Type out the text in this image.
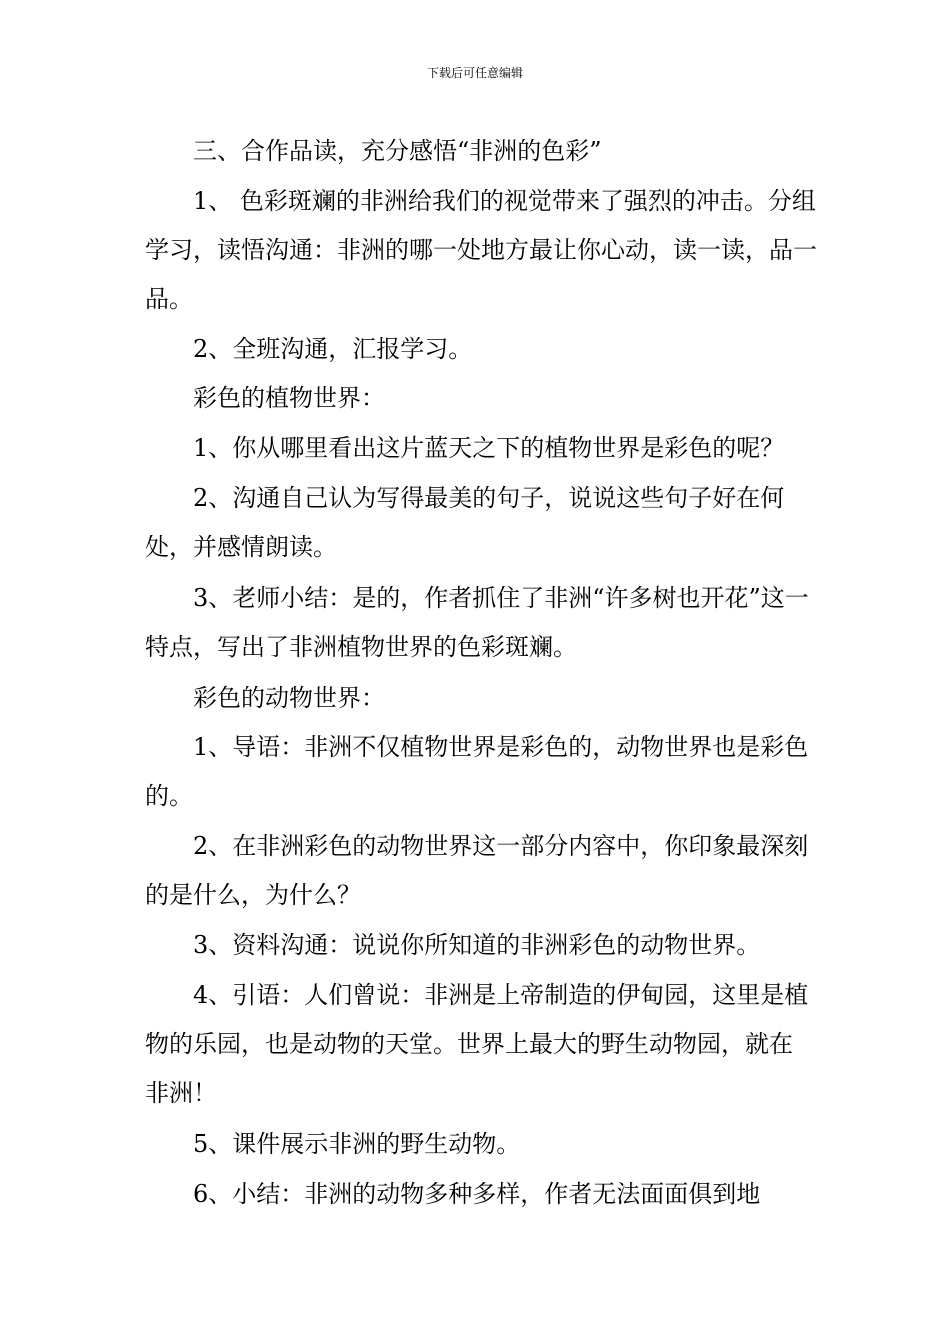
下载后可任意编辑

三、合作品读，充分感悟“非洲的色彩”

1、 色彩斑斓的非洲给我们的视觉带来了强烈的冲击。分组学习，读悟沟通：非洲的哪一处地方最让你心动，读一读，品一品。

2、全班沟通，汇报学习。

彩色的植物世界：

1、你从哪里看出这片蓝天之下的植物世界是彩色的呢？

2、沟通自己认为写得最美的句子，说说这些句子好在何处，并感情朗读。

3、老师小结：是的，作者抓住了非洲“许多树也开花”这一特点，写出了非洲植物世界的色彩斑斓。

彩色的动物世界：

1、导语：非洲不仅植物世界是彩色的，动物世界也是彩色的。

2、在非洲彩色的动物世界这一部分内容中，你印象最深刻的是什么，为什么？

3、资料沟通：说说你所知道的非洲彩色的动物世界。

4、引语：人们曾说：非洲是上帝制造的伊甸园，这里是植物的乐园，也是动物的天堂。世界上最大的野生动物园，就在非洲！

5、课件展示非洲的野生动物。

6、小结：非洲的动物多种多样，作者无法面面俱到地
